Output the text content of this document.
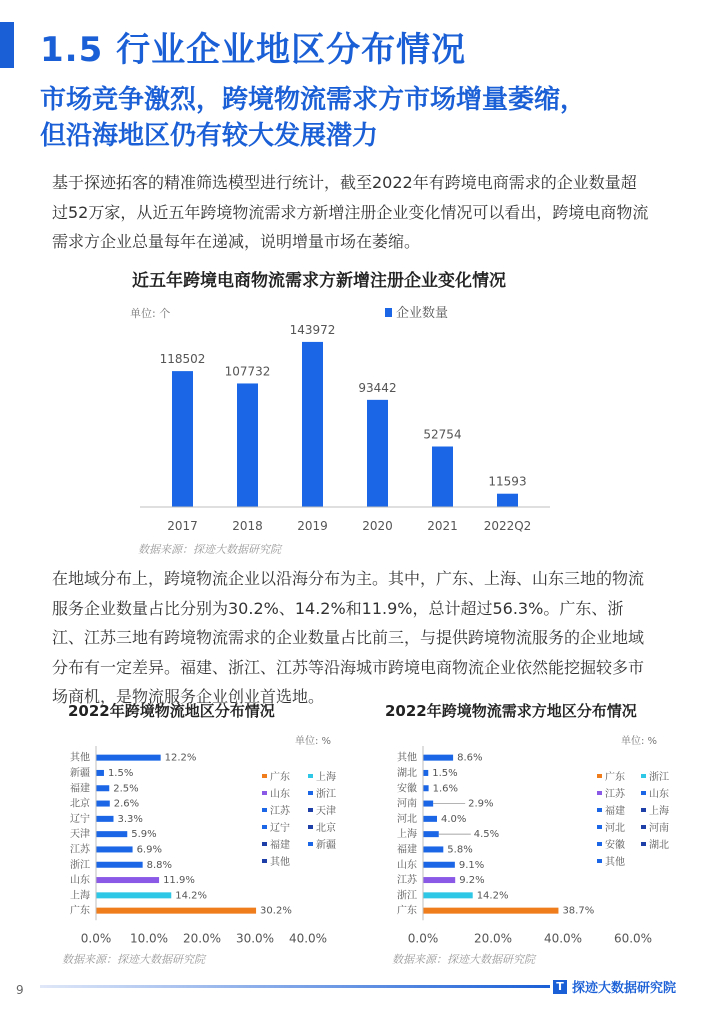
1.5 行业企业地区分布情况
市场竞争激烈，跨境物流需求方市场增量萎缩，
但沿海地区仍有较大发展潜力
基于探迹拓客的精准筛选模型进行统计，截至2022年有跨境电商需求的企业数量超过52万家，从近五年跨境物流需求方新增注册企业变化情况可以看出，跨境电商物流需求方企业总量每年在递减，说明增量市场在萎缩。
近五年跨境电商物流需求方新增注册企业变化情况
单位: 个	企业数量
118502
2017
107732
2018
143972
2019
93442
2020
52754
2021
11593
2022Q2
数据来源：探迹大数据研究院
在地域分布上，跨境物流企业以沿海分布为主。其中，广东、上海、山东三地的物流服务企业数量占比分别为30.2%、14.2%和11.9%，总计超过56.3%。广东、浙江、江苏三地有跨境物流需求的企业数量占比前三，与提供跨境物流服务的企业地域分布有一定差异。福建、浙江、江苏等沿海城市跨境电商物流企业依然能挖掘较多市场商机，是物流服务企业创业首选地。
2022年跨境物流地区分布情况
单位: %
其他	12.2%
新疆 1.5%
福建 2.5%
北京 2.6%
辽宁	3.3%
天津	5.9%
江苏	6.9%
浙江	8.8%
山东	11.9%
上海	14.2%
广东	30.2%
0.0% 10.0% 20.0% 30.0% 40.0%
广东	上海
山东	浙江
江苏	天津
辽宁	北京
福建	新疆
其他
数据来源：探迹大数据研究院
2022年跨境物流需求方地区分布情况
单位: %
其他	8.6%
湖北 1.5%
安徽 1.6%
河南	2.9%
河北 4.0%
上海	4.5%
福建	5.8%
山东	9.1%
江苏	9.2%
浙江	14.2%
广东	38.7%
0.0%	20.0%	40.0%	60.0%
广东 浙江
江苏 山东
福建 上海
河北 河南
安徽 湖北
其他
数据来源：探迹大数据研究院
9	T 探迹大数据研究院
